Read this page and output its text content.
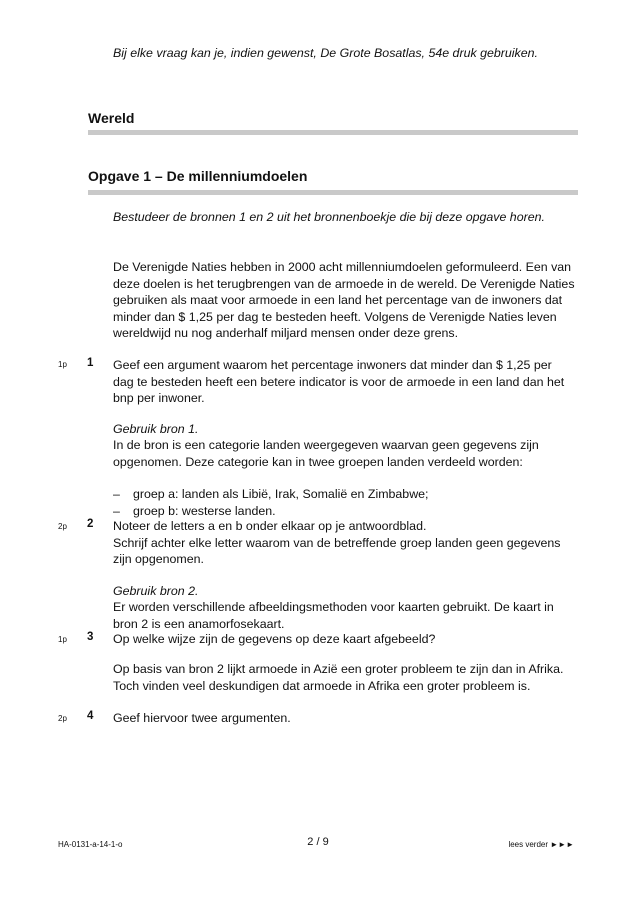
Bij elke vraag kan je, indien gewenst, De Grote Bosatlas, 54e druk gebruiken.
Wereld
Opgave 1 – De millenniumdoelen
Bestudeer de bronnen 1 en 2 uit het bronnenboekje die bij deze opgave horen.
De Verenigde Naties hebben in 2000 acht millenniumdoelen geformuleerd. Een van deze doelen is het terugbrengen van de armoede in de wereld. De Verenigde Naties gebruiken als maat voor armoede in een land het percentage van de inwoners dat minder dan $ 1,25 per dag te besteden heeft. Volgens de Verenigde Naties leven wereldwijd nu nog anderhalf miljard mensen onder deze grens.
1p 1 Geef een argument waarom het percentage inwoners dat minder dan $ 1,25 per dag te besteden heeft een betere indicator is voor de armoede in een land dan het bnp per inwoner.
Gebruik bron 1.
In de bron is een categorie landen weergegeven waarvan geen gegevens zijn opgenomen. Deze categorie kan in twee groepen landen verdeeld worden:
–	groep a: landen als Libië, Irak, Somalië en Zimbabwe;
–	groep b: westerse landen.
2p 2 Noteer de letters a en b onder elkaar op je antwoordblad.
Schrijf achter elke letter waarom van de betreffende groep landen geen gegevens zijn opgenomen.
Gebruik bron 2.
Er worden verschillende afbeeldingsmethoden voor kaarten gebruikt. De kaart in bron 2 is een anamorfosekaart.
1p 3 Op welke wijze zijn de gegevens op deze kaart afgebeeld?
Op basis van bron 2 lijkt armoede in Azië een groter probleem te zijn dan in Afrika. Toch vinden veel deskundigen dat armoede in Afrika een groter probleem is.
2p 4 Geef hiervoor twee argumenten.
HA-0131-a-14-1-o	2 / 9	lees verder ►►►
